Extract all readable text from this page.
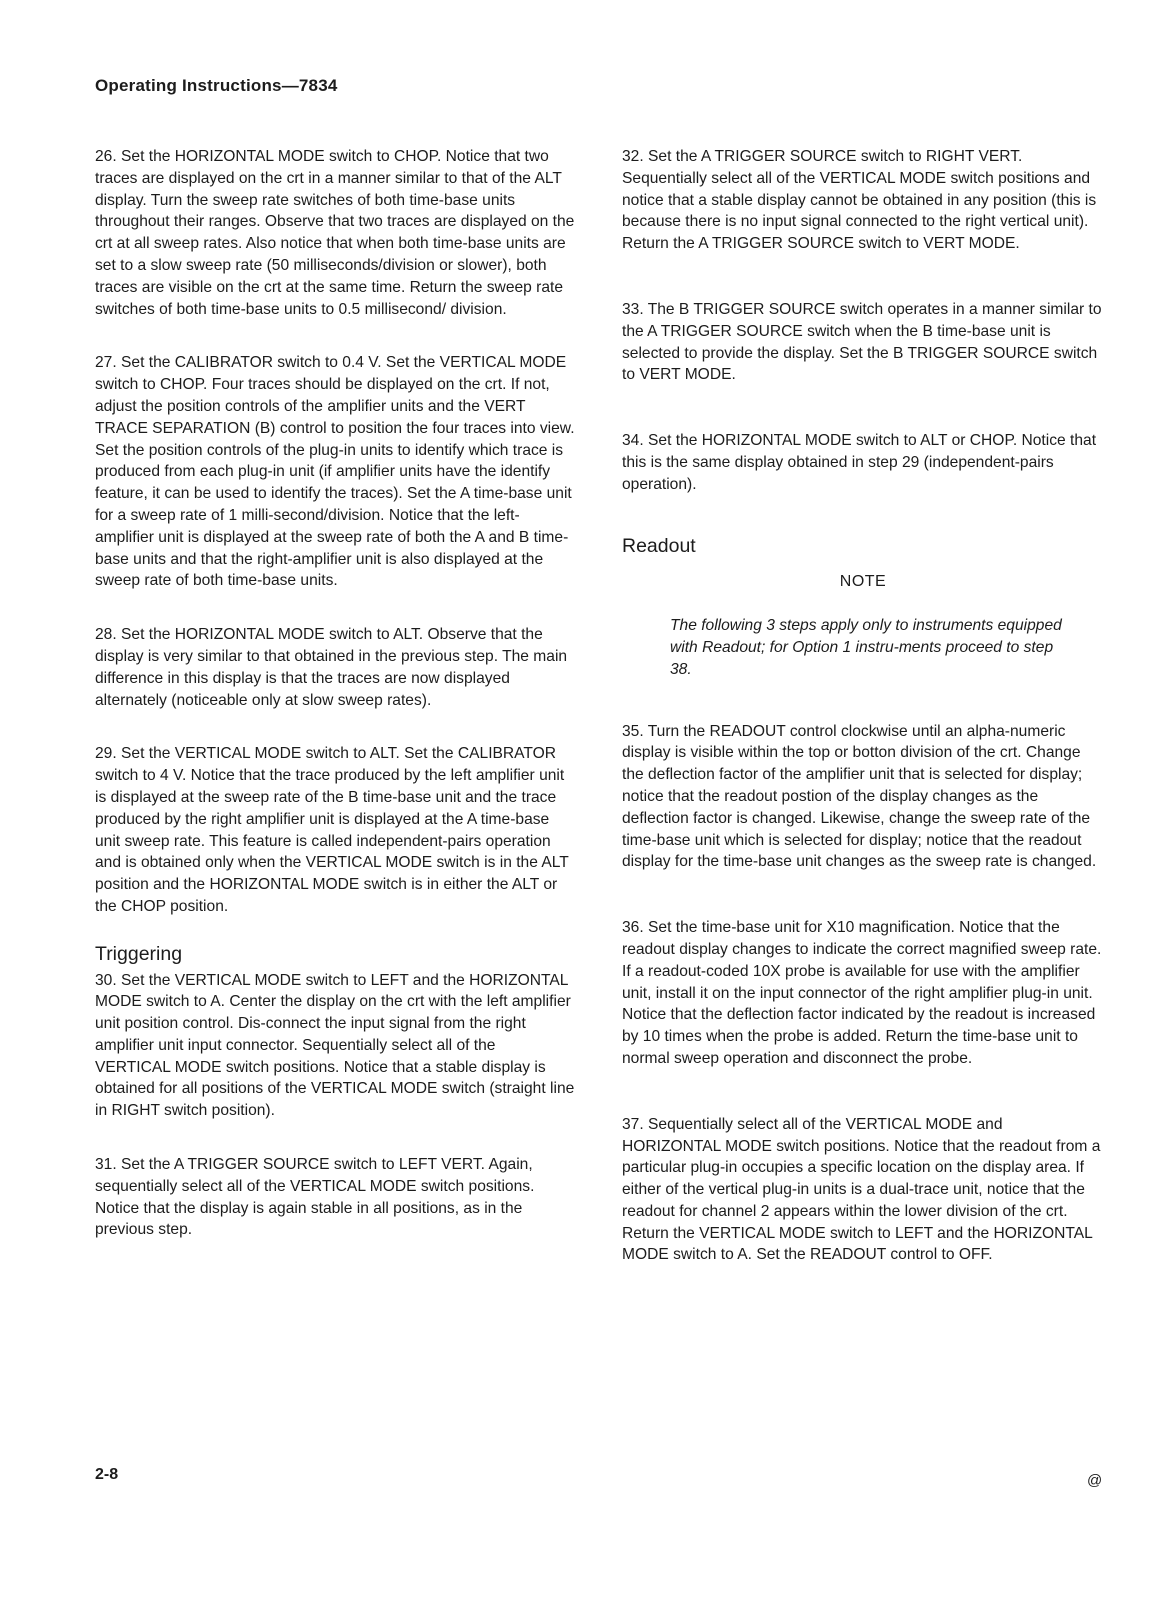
Operating Instructions—7834

26. Set the HORIZONTAL MODE switch to CHOP. Notice that two traces are displayed on the crt in a manner similar to that of the ALT display. Turn the sweep rate switches of both time-base units throughout their ranges. Observe that two traces are displayed on the crt at all sweep rates. Also notice that when both time-base units are set to a slow sweep rate (50 milliseconds/division or slower), both traces are visible on the crt at the same time. Return the sweep rate switches of both time-base units to 0.5 millisecond/ division.

27. Set the CALIBRATOR switch to 0.4 V. Set the VERTICAL MODE switch to CHOP. Four traces should be displayed on the crt. If not, adjust the position controls of the amplifier units and the VERT TRACE SEPARATION (B) control to position the four traces into view. Set the position controls of the plug-in units to identify which trace is produced from each plug-in unit (if amplifier units have the identify feature, it can be used to identify the traces). Set the A time-base unit for a sweep rate of 1 milli-second/division. Notice that the left-amplifier unit is displayed at the sweep rate of both the A and B time-base units and that the right-amplifier unit is also displayed at the sweep rate of both time-base units.

28. Set the HORIZONTAL MODE switch to ALT. Observe that the display is very similar to that obtained in the previous step. The main difference in this display is that the traces are now displayed alternately (noticeable only at slow sweep rates).

29. Set the VERTICAL MODE switch to ALT. Set the CALIBRATOR switch to 4 V. Notice that the trace produced by the left amplifier unit is displayed at the sweep rate of the B time-base unit and the trace produced by the right amplifier unit is displayed at the A time-base unit sweep rate. This feature is called independent-pairs operation and is obtained only when the VERTICAL MODE switch is in the ALT position and the HORIZONTAL MODE switch is in either the ALT or the CHOP position.

Triggering

30. Set the VERTICAL MODE switch to LEFT and the HORIZONTAL MODE switch to A. Center the display on the crt with the left amplifier unit position control. Dis-connect the input signal from the right amplifier unit input connector. Sequentially select all of the VERTICAL MODE switch positions. Notice that a stable display is obtained for all positions of the VERTICAL MODE switch (straight line in RIGHT switch position).

31. Set the A TRIGGER SOURCE switch to LEFT VERT. Again, sequentially select all of the VERTICAL MODE switch positions. Notice that the display is again stable in all positions, as in the previous step.

32. Set the A TRIGGER SOURCE switch to RIGHT VERT. Sequentially select all of the VERTICAL MODE switch positions and notice that a stable display cannot be obtained in any position (this is because there is no input signal connected to the right vertical unit). Return the A TRIGGER SOURCE switch to VERT MODE.

33. The B TRIGGER SOURCE switch operates in a manner similar to the A TRIGGER SOURCE switch when the B time-base unit is selected to provide the display. Set the B TRIGGER SOURCE switch to VERT MODE.

34. Set the HORIZONTAL MODE switch to ALT or CHOP. Notice that this is the same display obtained in step 29 (independent-pairs operation).

Readout
NOTE

The following 3 steps apply only to instruments equipped with Readout; for Option 1 instru-ments proceed to step 38.

35. Turn the READOUT control clockwise until an alpha-numeric display is visible within the top or botton division of the crt. Change the deflection factor of the amplifier unit that is selected for display; notice that the readout postion of the display changes as the deflection factor is changed. Likewise, change the sweep rate of the time-base unit which is selected for display; notice that the readout display for the time-base unit changes as the sweep rate is changed.

36. Set the time-base unit for X10 magnification. Notice that the readout display changes to indicate the correct magnified sweep rate. If a readout-coded 10X probe is available for use with the amplifier unit, install it on the input connector of the right amplifier plug-in unit. Notice that the deflection factor indicated by the readout is increased by 10 times when the probe is added. Return the time-base unit to normal sweep operation and disconnect the probe.

37. Sequentially select all of the VERTICAL MODE and HORIZONTAL MODE switch positions. Notice that the readout from a particular plug-in occupies a specific location on the display area. If either of the vertical plug-in units is a dual-trace unit, notice that the readout for channel 2 appears within the lower division of the crt. Return the VERTICAL MODE switch to LEFT and the HORIZONTAL MODE switch to A. Set the READOUT control to OFF.

2-8	@
